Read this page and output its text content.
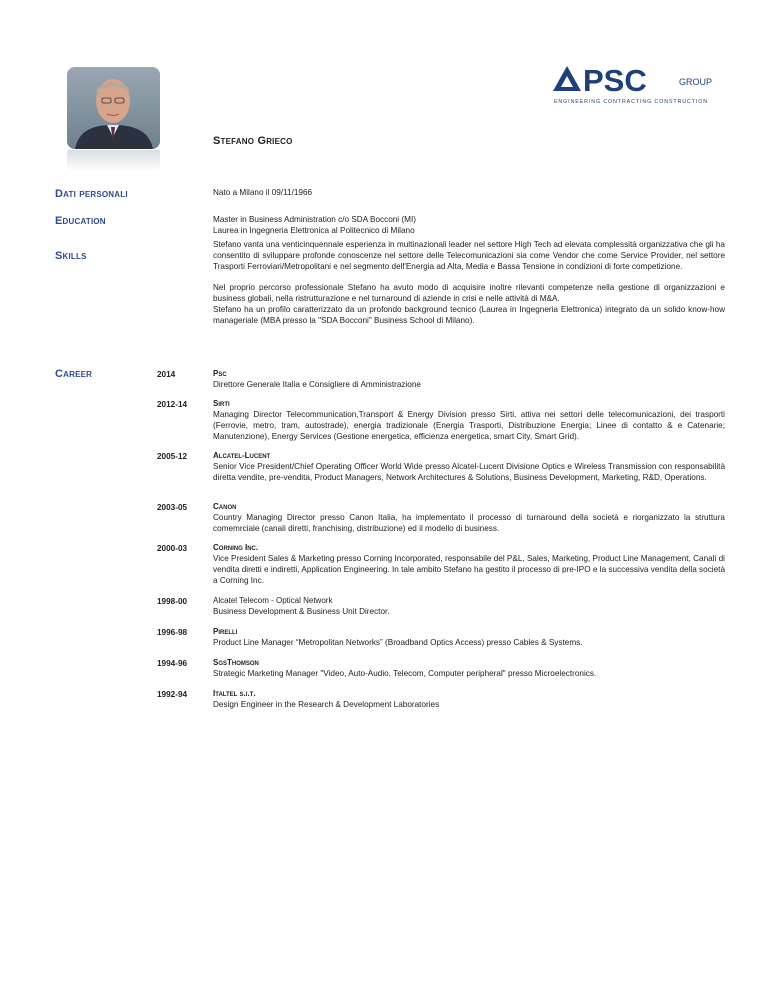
PSC	GROUP
ENGINEERING CONTRACTING CONSTRUCTION
Stefano Grieco
Dati personali	Nato a Milano il 09/11/1966
Education	Master in Business Administration c/o SDA Bocconi (MI)

Laurea in Ingegneria Elettronica al Politecnico di Milano

Skills

Stefano vanta una venticinquennale esperienza in multinazionali leader nel settore High Tech ad elevata complessità organizzativa che gli ha consentito di sviluppare profonde conoscenze nel settore delle Telecomunicazioni sia come Vendor che come Service Provider, nel settore Trasporti Ferroviari/Metropolitani e nel segmento dell'Energia ad Alta, Media e Bassa Tensione in condizioni di forte competizione.

Nel proprio percorso professionale Stefano ha avuto modo di acquisire inoltre rilevanti competenze nella gestione di organizzazioni e business globali, nella ristrutturazione e nel turnaround di aziende in crisi e nelle attività di M&A.

Stefano ha un profilo caratterizzato da un profondo background tecnico (Laurea in Ingegneria Elettronica) integrato da un solido know-how manageriale (MBA presso la "SDA Bocconi" Business School di Milano).

Career	2014	Psc
Direttore Generale Italia e Consigliere di Amministrazione
2012-14	Sirti
Managing Director Telecommunication,Transport & Energy Division presso Sirti, attiva nei settori delle telecomunicazioni, dei trasporti (Ferrovie, metro, tram, autostrade), energia tradizionale (Energia Trasporti, Distribuzione Energia; Linee di contatto & e Catenarie; Manutenzione), Energy Services (Gestione energetica, efficienza energetica, smart City, Smart Grid).
2005-12	Alcatel-Lucent
Senior Vice President/Chief Operating Officer World Wide presso Alcatel-Lucent Divisione Optics e Wireless Transmission con responsabilità diretta vendite, pre-vendita, Product Managers, Network Architectures & Solutions, Business Development, Marketing, R&D, Operations.
2003-05	Canon
Country Managing Director presso Canon Italia, ha implementato il processo di turnaround della società e riorganizzato la struttura comemrciale (canali diretti, franchising, distribuzione) ed il modello di business.
2000-03	Corning Inc.
Vice President Sales & Marketing presso Corning Incorporated, responsabile del P&L, Sales, Marketing, Product Line Management, Canali di vendita diretti e indiretti, Application Engineering. In tale ambito Stefano ha gestito il processo di pre-IPO e la successiva vendita della società a Corning Inc.
1998-00	Alcatel Telecom - Optical Network
Business Development & Business Unit Director.
1996-98	Pirelli
Product Line Manager “Metropolitan Networks” (Broadband Optics Access) presso Cables & Systems.
1994-96	SgsThomson
Strategic Marketing Manager "Video, Auto-Audio, Telecom, Computer peripheral" presso Microelectronics.
1992-94	Italtel s.i.t.
Design Engineer in the Research & Development Laboratories
